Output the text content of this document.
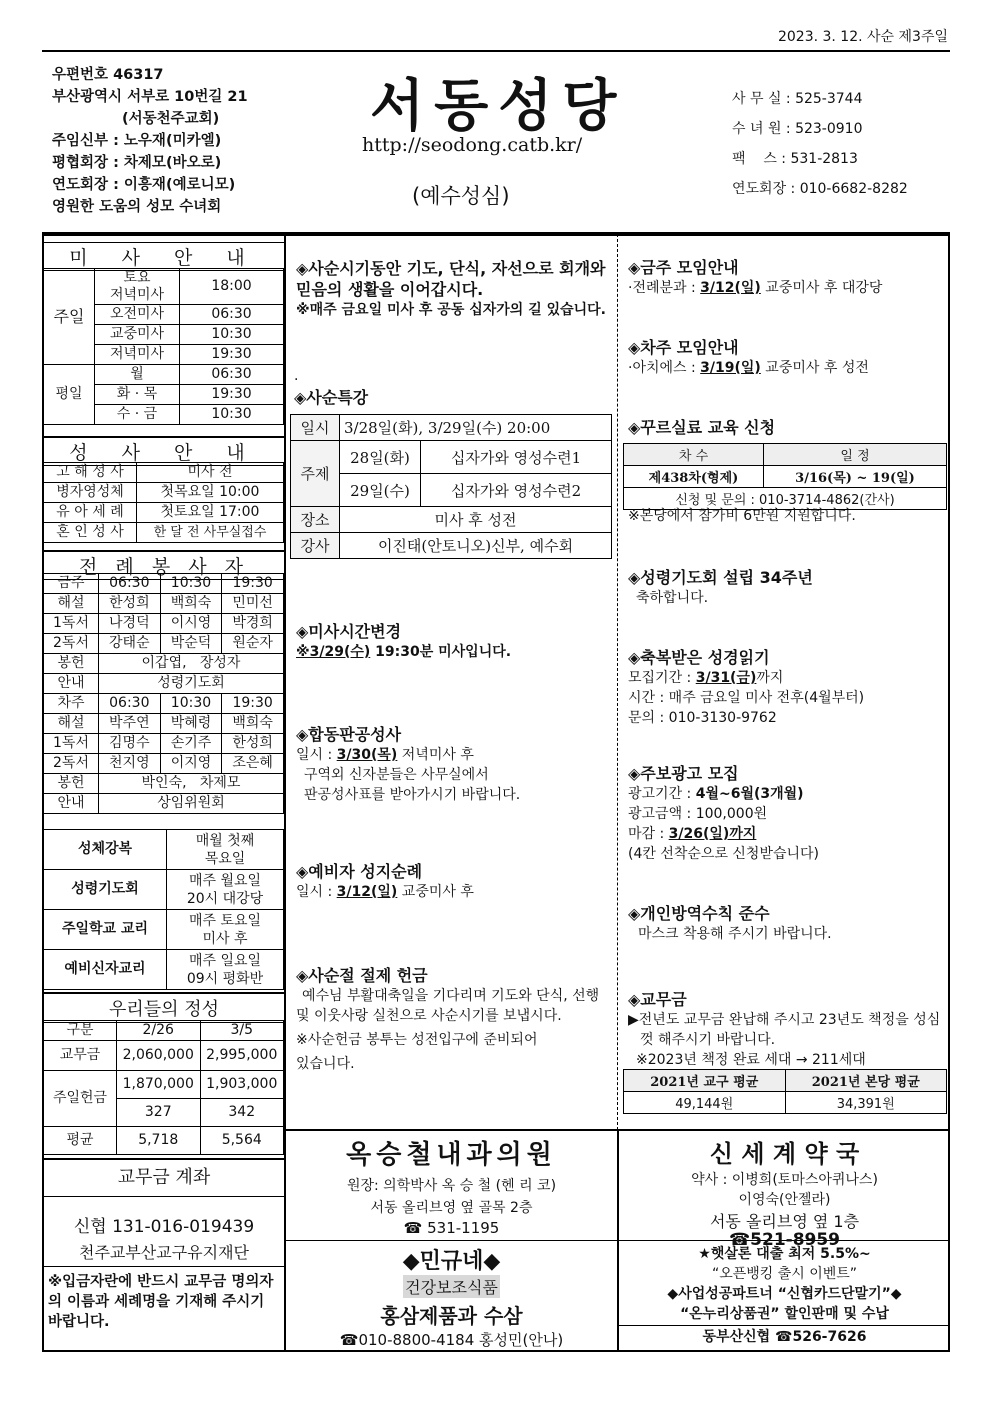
2023. 3. 12. 사순 제3주일
우편번호 46317
부산광역시 서부로 10번길 21
(서동천주교회)
주임신부 : 노우재(미카엘)
평협회장 : 차제모(바오로)
연도회장 : 이흥재(예로니모)
영원한 도움의 성모 수녀회
서동성당
http://seodong.catb.kr/
(예수성심)
사 무 실 : 525-3744
수 녀 원 : 523-0910
팩    스 : 531-2813
연도회장 : 010-6682-8282
미 사 안 내
주일	토요
저녁미사	18:00
	오전미사	06:30
	교중미사	10:30
	저녁미사	19:30
평일	월	06:30
	화 · 목	19:30
	수 · 금	10:30
성 사 안 내
고 해 성 사	미사 전
병자영성체	첫목요일 10:00
유 아 세 례	첫토요일 17:00
혼 인 성 사	한 달 전 사무실접수
전 례 봉 사 자
금주	06:30	10:30	19:30
해설	한성희	백희숙	민미선
1독서	나경덕	이시영	박경희
2독서	강태순	박순덕	원순자
봉헌	이갑엽,   장성자		
안내	성령기도회		
차주	06:30	10:30	19:30
해설	박주연	박혜령	백희숙
1독서	김명수	손기주	한성희
2독서	천지영	이지영	조은혜
봉헌	박인숙,   차제모		
안내	상임위원회		
성체강복	매월 첫째
목요일
성령기도회	매주 월요일
20시 대강당
주일학교 교리	매주 토요일
미사 후
예비신자교리	매주 일요일
09시 평화반
우리들의 정성
구분	2/26	3/5
교무금	2,060,000	2,995,000
주일헌금	1,870,000	1,903,000
	327	342
평균	5,718	5,564
교무금 계좌
신협 131-016-019439
천주교부산교구유지재단
※입금자란에 반드시 교무금 명의자의 이름과 세례명을 기재해 주시기 바랍니다.
◈사순시기동안 기도, 단식, 자선으로 회개와 믿음의 생활을 이어갑시다.
※매주 금요일 미사 후 공동 십자가의 길 있습니다.
.
◈사순특강
일시	3/28일(화), 3/29일(수) 20:00	
주제	28일(화)	십자가와 영성수련1
	29일(수)	십자가와 영성수련2
장소	미사 후 성전	
강사	이진태(안토니오)신부, 예수회	
◈미사시간변경
※3/29(수) 19:30분 미사입니다.
◈합동판공성사
일시 : 3/30(목) 저녁미사 후
구역외 신자분들은 사무실에서
판공성사표를 받아가시기 바랍니다.
◈예비자 성지순례
일시 : 3/12(일) 교중미사 후
◈사순절 절제 헌금
예수님 부활대축일을 기다리며 기도와 단식, 선행 및 이웃사랑 실천으로 사순시기를 보냅시다.
※사순헌금 봉투는 성전입구에 준비되어
있습니다.
◈금주 모임안내
·전례분과 : 3/12(일) 교중미사 후 대강당
◈차주 모임안내
·아치에스 : 3/19(일) 교중미사 후 성전
◈꾸르실료 교육 신청
차 수	일 정
제438차(형제)	3/16(목) ~ 19(일)
신청 및 문의 : 010-3714-4862(간사)	
※본당에서 참가비 6만원 지원합니다.
◈성령기도회 설립 34주년
축하합니다.
◈축복받은 성경읽기
모집기간 : 3/31(금)까지
시간 : 매주 금요일 미사 전후(4월부터)
문의 : 010-3130-9762
◈주보광고 모집
광고기간 : 4월~6월(3개월)
광고금액 : 100,000원
마감 : 3/26(일)까지
(4칸 선착순으로 신청받습니다)
◈개인방역수칙 준수
마스크 착용해 주시기 바랍니다.
◈교무금
▶전년도 교무금 완납해 주시고 23년도 책정을 성심껏 해주시기 바랍니다.
※2023년 책정 완료 세대 → 211세대
2021년 교구 평균	2021년 본당 평균
49,144원	34,391원
옥승철내과의원
원장: 의학박사 옥 승 철 (헨 리 코)
서동 올리브영 옆 골목 2층
☎ 531-1195
신 세 계 약 국
약사 : 이병희(토마스아퀴나스)
이영숙(안젤라)
서동 올리브영 옆 1층
☎521-8959
◆민규네◆
건강보조식품
홍삼제품과 수삼
☎010-8800-4184 홍성민(안나)
★햇살론 대출 최저 5.5%~
“오픈뱅킹 출시 이벤트”
◆사업성공파트너 “신협카드단말기”◆
“온누리상품권” 할인판매 및 수납
동부산신협 ☎526-7626
